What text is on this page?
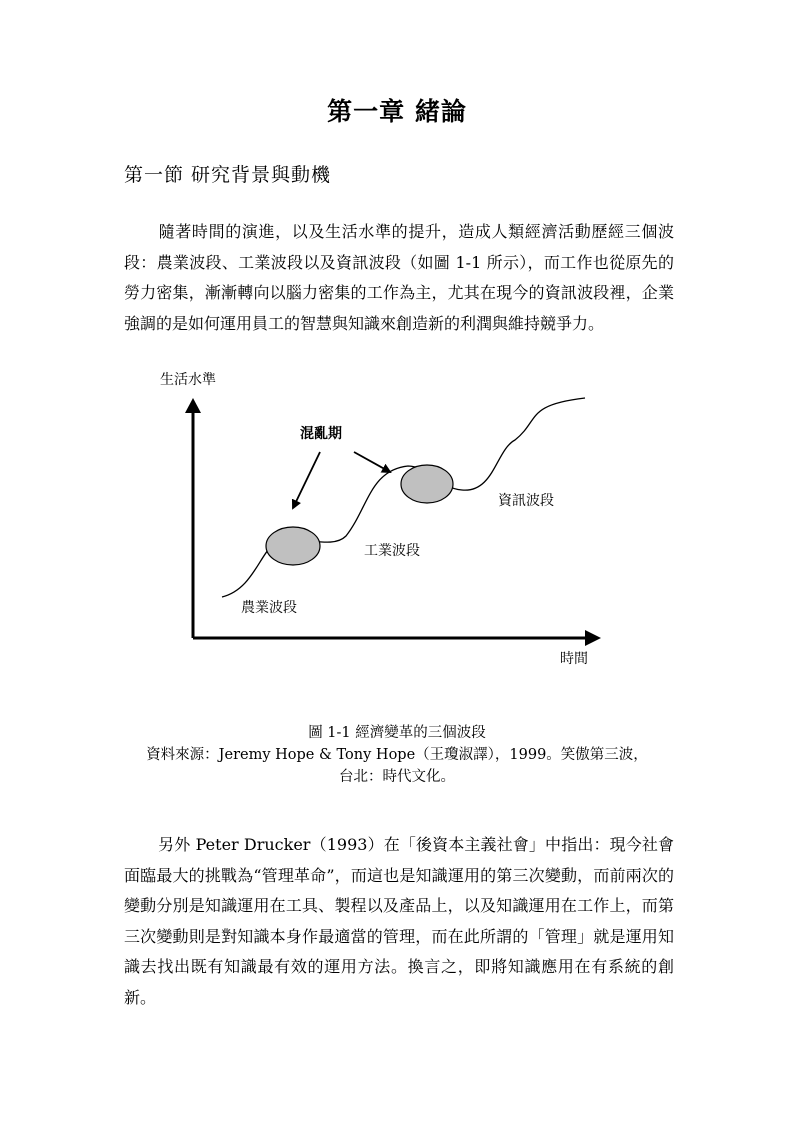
第一章 緒論
第一節 研究背景與動機

隨著時間的演進，以及生活水準的提升，造成人類經濟活動歷經三個波段：農業波段、工業波段以及資訊波段（如圖 1-1 所示），而工作也從原先的勞力密集，漸漸轉向以腦力密集的工作為主，尤其在現今的資訊波段裡，企業強調的是如何運用員工的智慧與知識來創造新的利潤與維持競爭力。

生活水準
時間
混亂期
農業波段
工業波段
資訊波段
圖 1-1 經濟變革的三個波段
資料來源：Jeremy Hope & Tony Hope（王瓊淑譯），1999。笑傲第三波，
台北：時代文化。

另外 Peter Drucker（1993）在「後資本主義社會」中指出：現今社會面臨最大的挑戰為“管理革命”，而這也是知識運用的第三次變動，而前兩次的變動分別是知識運用在工具、製程以及產品上，以及知識運用在工作上，而第三次變動則是對知識本身作最適當的管理，而在此所謂的「管理」就是運用知識去找出既有知識最有效的運用方法。換言之，即將知識應用在有系統的創新。
